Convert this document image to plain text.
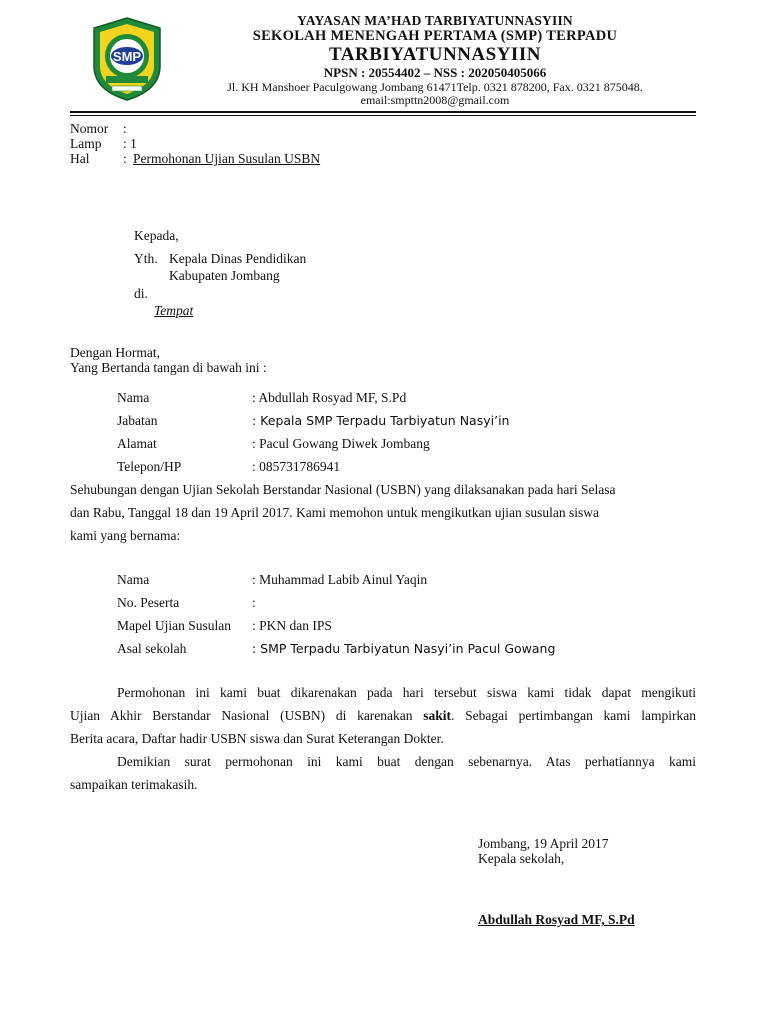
SMP
YAYASAN MA’HAD TARBIYATUNNASYIIN
SEKOLAH MENENGAH PERTAMA (SMP) TERPADU
TARBIYATUNNASYIIN
NPSN : 20554402 – NSS : 202050405066
Jl. KH Manshoer Paculgowang Jombang 61471Telp. 0321 878200, Fax. 0321 875048.
email:smpttn2008@gmail.com
Nomor :
Lamp : 1
Hal : Permohonan Ujian Susulan USBN
Kepada,
Yth. Kepala Dinas Pendidikan
Kabupaten Jombang
di.
Tempat
Dengan Hormat,
Yang Bertanda tangan di bawah ini :
Nama	: Abdullah Rosyad MF, S.Pd
Jabatan	: Kepala SMP Terpadu Tarbiyatun Nasyi’in
Alamat	: Pacul Gowang Diwek Jombang
Telepon/HP	: 085731786941
Sehubungan dengan Ujian Sekolah Berstandar Nasional (USBN) yang dilaksanakan pada hari Selasa
dan Rabu, Tanggal 18 dan 19 April 2017. Kami memohon untuk mengikutkan ujian susulan siswa
kami yang bernama:
Nama	: Muhammad Labib Ainul Yaqin
No. Peserta	:
Mapel Ujian Susulan : PKN dan IPS
Asal sekolah	: SMP Terpadu Tarbiyatun Nasyi’in Pacul Gowang
Permohonan ini kami buat dikarenakan pada hari tersebut siswa kami tidak dapat mengikuti
Ujian Akhir Berstandar Nasional (USBN) di karenakan sakit. Sebagai pertimbangan kami lampirkan
Berita acara, Daftar hadir USBN siswa dan Surat Keterangan Dokter.
Demikian surat permohonan ini kami buat dengan sebenarnya. Atas perhatiannya kami
sampaikan terimakasih.
Jombang, 19 April 2017
Kepala sekolah,
Abdullah Rosyad MF, S.Pd
